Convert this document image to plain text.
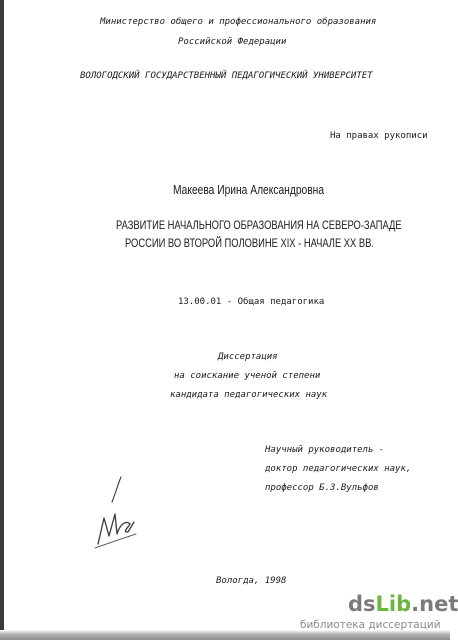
Министерство общего и профессионального образования

Российской Федерации

ВОЛОГОДСКИЙ ГОСУДАРСТВЕННЫЙ ПЕДАГОГИЧЕСКИЙ УНИВЕРСИТЕТ

На правах рукописи

Макеева Ирина Александровна

РАЗВИТИЕ НАЧАЛЬНОГО ОБРАЗОВАНИЯ НА СЕВЕРО-ЗАПАДЕ

РОССИИ ВО ВТОРОЙ ПОЛОВИНЕ XIX - НАЧАЛЕ XX ВВ.

13.00.01 - Общая педагогика

Диссертация

на соискание ученой степени

кандидата педагогических наук

Научный руководитель -

доктор педагогических наук,

профессор Б.З.Вульфов

Вологда, 1998

dsLib.net
библиотека диссертаций
